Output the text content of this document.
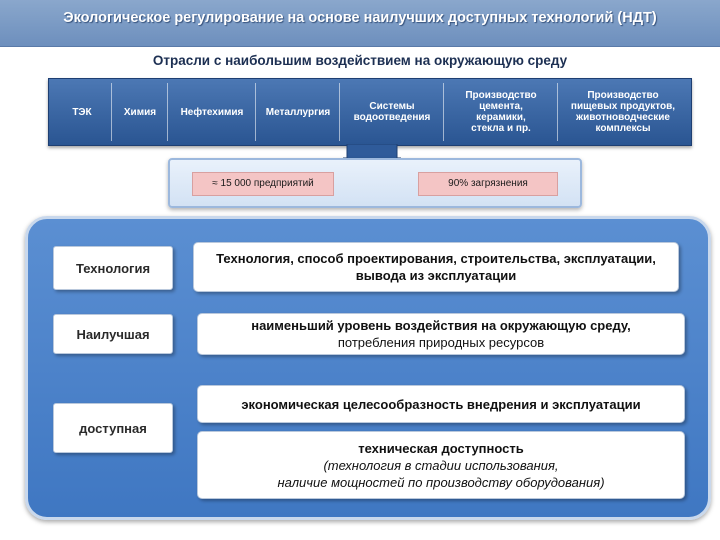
Экологическое регулирование на основе наилучших доступных технологий (НДТ)
Отрасли с наибольшим воздействием на окружающую среду
ТЭК	Химия	Нефтехимия	Металлургия	Системы
водоотведения
Производство
цемента,
керамики,
стекла и пр.
Производство
пищевых продуктов,
животноводческие
комплексы
≈ 15 000 предприятий	90% загрязнения
Технология
Технология, способ проектирования, строительства, эксплуатации,
вывода из эксплуатации
Наилучшая
наименьший уровень воздействия на окружающую среду,
потребления природных ресурсов
экономическая целесообразность внедрения и эксплуатации
доступная
техническая доступность
(технология в стадии использования,
наличие мощностей по производству оборудования)
